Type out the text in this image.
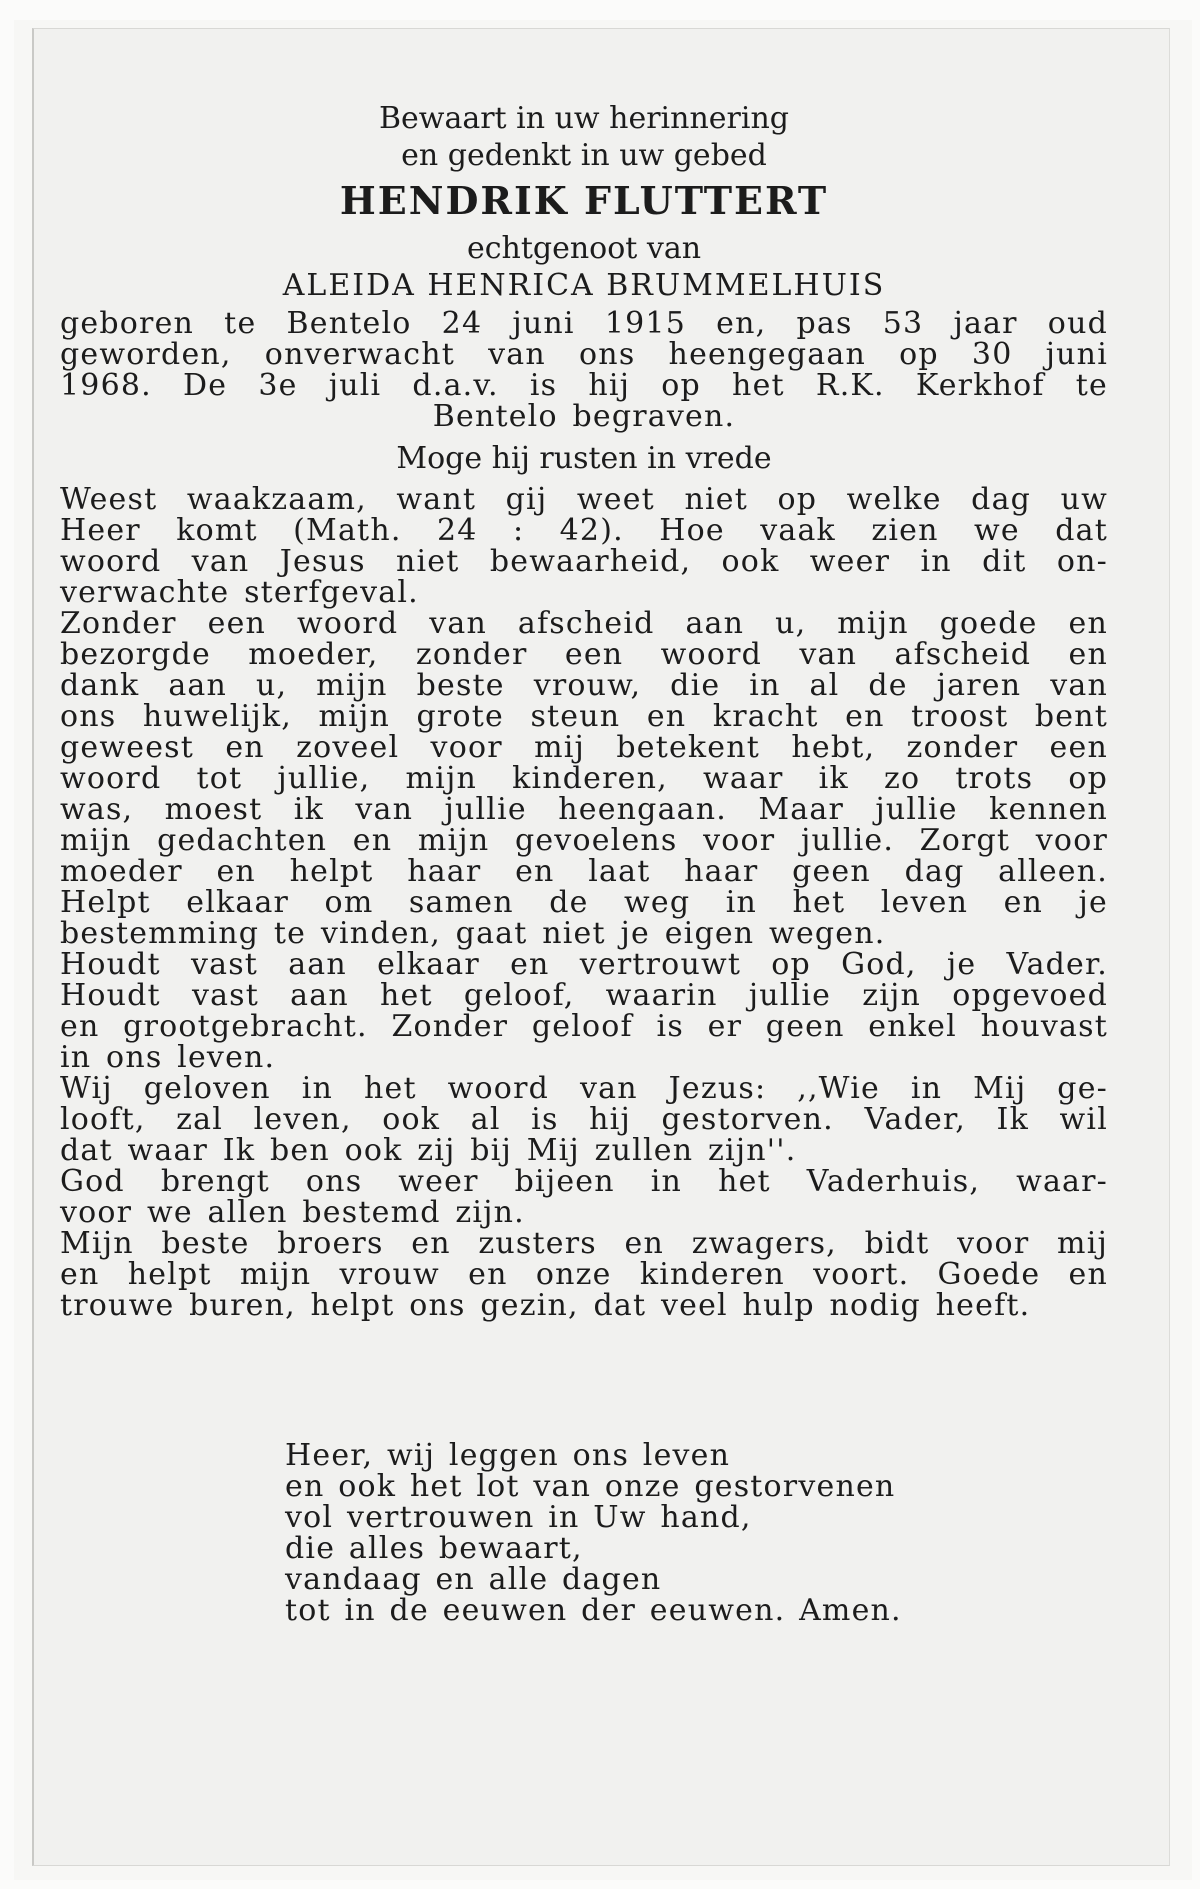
Bewaart in uw herinnering

en gedenkt in uw gebed

HENDRIK FLUTTERT
echtgenoot van
ALEIDA HENRICA BRUMMELHUIS

geboren te Bentelo 24 juni 1915 en, pas 53 jaar oud

geworden, onverwacht van ons heengegaan op 30 juni

1968. De 3e juli d.a.v. is hij op het R.K. Kerkhof te

Bentelo begraven.

Moge hij rusten in vrede

Weest waakzaam, want gij weet niet op welke dag uw

Heer komt (Math. 24 : 42). Hoe vaak zien we dat

woord van Jesus niet bewaarheid, ook weer in dit on-

verwachte sterfgeval.

Zonder een woord van afscheid aan u, mijn goede en

bezorgde moeder, zonder een woord van afscheid en

dank aan u, mijn beste vrouw, die in al de jaren van

ons huwelijk, mijn grote steun en kracht en troost bent

geweest en zoveel voor mij betekent hebt, zonder een

woord tot jullie, mijn kinderen, waar ik zo trots op

was, moest ik van jullie heengaan. Maar jullie kennen

mijn gedachten en mijn gevoelens voor jullie. Zorgt voor

moeder en helpt haar en laat haar geen dag alleen.

Helpt elkaar om samen de weg in het leven en je

bestemming te vinden, gaat niet je eigen wegen.

Houdt vast aan elkaar en vertrouwt op God, je Vader.

Houdt vast aan het geloof, waarin jullie zijn opgevoed

en grootgebracht. Zonder geloof is er geen enkel houvast

in ons leven.

Wij geloven in het woord van Jezus: ,,Wie in Mij ge-

looft, zal leven, ook al is hij gestorven. Vader, Ik wil

dat waar Ik ben ook zij bij Mij zullen zijn''.

God brengt ons weer bijeen in het Vaderhuis, waar-

voor we allen bestemd zijn.

Mijn beste broers en zusters en zwagers, bidt voor mij

en helpt mijn vrouw en onze kinderen voort. Goede en

trouwe buren, helpt ons gezin, dat veel hulp nodig heeft.

Heer, wij leggen ons leven

en ook het lot van onze gestorvenen

vol vertrouwen in Uw hand,

die alles bewaart,

vandaag en alle dagen

tot in de eeuwen der eeuwen. Amen.
